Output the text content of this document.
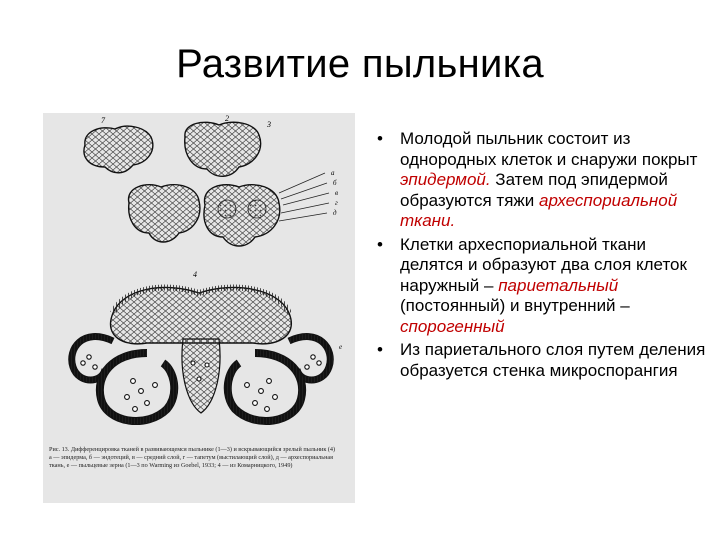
Развитие пыльника
7	2
3
4
а
б
в
г
д
е
Рис. 13. Дифференцировка тканей в развивающемся пыльнике (1—3) и вскрывающийся зрелый пыльник (4)
а — эпидерма, б — эндотеций, в — средний слой, г — тапетум (выстилающий слой), д — археспориальная ткань, е — пыльцевые зерна (1—3 по Warming из Goebel, 1933; 4 — из Комарницкого, 1949)
• Молодой пыльник состоит из однородных клеток и снаружи покрыт эпидермой. Затем под эпидермой образуются тяжи археспориальной ткани.
• Клетки археспориальной ткани делятся и образуют два слоя клеток наружный – париетальный (постоянный) и внутренний – спорогенный
• Из париетального слоя путем деления образуется стенка микроспорангия
